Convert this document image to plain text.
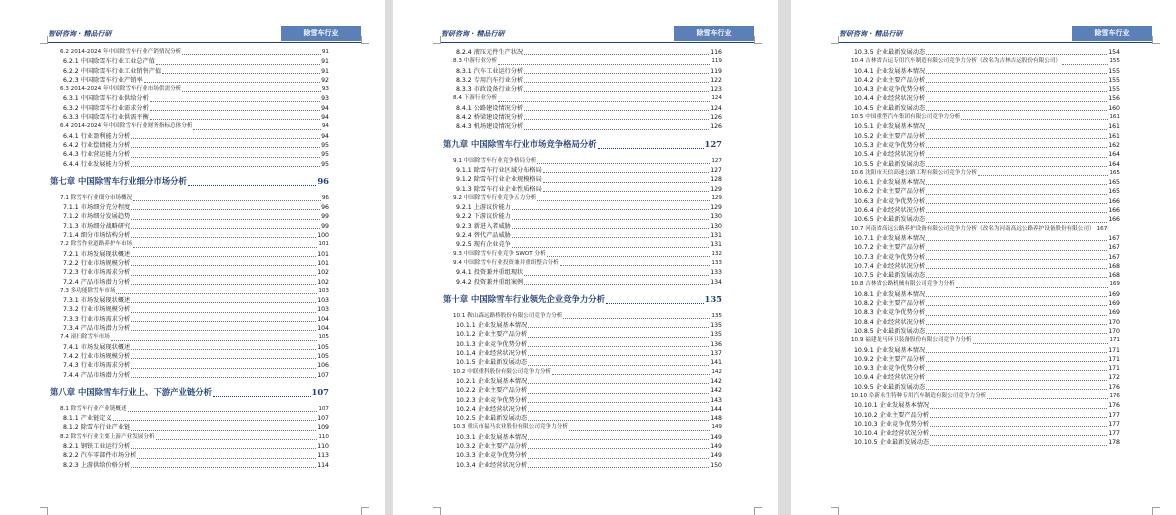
智研咨询 · 精品行研	除雪车行业
6.2 2014-2024 年中国除雪车行业产销情况分析	91
6.2.1 中国除雪车行业工业总产值	91
6.2.2 中国除雪车行业工业销售产值	91
6.2.3 中国除雪车行业产销率	92
6.3 2014-2024 年中国除雪车行业市场供需分析	93
6.3.1 中国除雪车行业供给分析	93
6.3.2 中国除雪车行业需求分析	94
6.3.3 中国除雪车行业供需平衡	94
6.4 2014-2024 年中国除雪车行业财务指标总体分析	94
6.4.1 行业盈利能力分析	94
6.4.2 行业偿债能力分析	95
6.4.3 行业营运能力分析	95
6.4.4 行业发展能力分析	95
第七章 中国除雪车行业细分市场分析	96
7.1 除雪车行业细分市场概况	96
7.1.1 市场细分充分程度	96
7.1.2 市场细分发展趋势	99
7.1.3 市场细分战略研究	99
7.1.4 细分市场结构分析	100
7.2 除雪作业道路养护车市场	101
7.2.1 市场发展现状概述	101
7.2.2 行业市场规模分析	101
7.2.3 行业市场需求分析	102
7.2.4 产品市场潜力分析	102
7.3 多功能除雪车市场	103
7.3.1 市场发展现状概述	103
7.3.2 行业市场规模分析	103
7.3.3 行业市场需求分析	104
7.3.4 产品市场潜力分析	104
7.4 滚扫除雪车市场	105
7.4.1 市场发展现状概述	105
7.4.2 行业市场规模分析	105
7.4.3 行业市场需求分析	106
7.4.4 产品市场潜力分析	107
第八章 中国除雪车行业上、下游产业链分析	107
8.1 除雪车行业产业链概述	107
8.1.1 产业链定义	107
8.1.2 除雪车行业产业链	109
8.2 除雪车行业主要上游产业发展分析	110
8.2.1 钢铁工业运行分析	110
8.2.2 汽车零部件市场分析	113
8.2.3 上游供给价格分析	114
智研咨询 · 精品行研	除雪车行业
8.2.4 液压元件生产状况	116
8.3 中游行业分析	119
8.3.1 汽车工业运行分析	119
8.3.2 专用汽车行业分析	122
8.3.3 市政设备行业分析	123
8.4 下游行业分析	124
8.4.1 公路建设情况分析	124
8.4.2 桥梁建设情况分析	126
8.4.3 机场建设情况分析	126
第九章 中国除雪车行业市场竞争格局分析	127
9.1 中国除雪车行业竞争格局分析	127
9.1.1 除雪车行业区域分布格局	127
9.1.2 除雪车行业企业规模格局	128
9.1.3 除雪车行业企业性质格局	129
9.2 中国除雪车行业竞争五力分析	129
9.2.1 上游议价能力	129
9.2.2 下游议价能力	130
9.2.3 新进入者威胁	130
9.2.4 替代产品威胁	131
9.2.5 现有企业竞争	131
9.3 中国除雪车行业竞争 SWOT 分析	132
9.4 中国除雪车行业投资兼并重组整合分析	133
9.4.1 投资兼并重组现状	133
9.4.2 投资兼并重组案例	134
第十章 中国除雪车行业领先企业竞争力分析	135
10.1 鞍山森远路桥股份有限公司竞争力分析	135
10.1.1 企业发展基本情况	135
10.1.2 企业主要产品分析	135
10.1.3 企业竞争优势分析	136
10.1.4 企业经营状况分析	137
10.1.5 企业最新发展动态	141
10.2 中联重科股份有限公司竞争力分析	142
10.2.1 企业发展基本情况	142
10.2.2 企业主要产品分析	142
10.2.3 企业竞争优势分析	143
10.2.4 企业经营状况分析	144
10.2.5 企业最新发展动态	148
10.3 重庆市福马农业股份有限公司竞争力分析	149
10.3.1 企业发展基本情况	149
10.3.2 企业主要产品分析	149
10.3.3 企业竞争优势分析	149
10.3.4 企业经营状况分析	150
智研咨询 · 精品行研	除雪车行业
10.3.5 企业最新发展动态	154
10.4 吉林省吉运专用汽车制造有限公司竞争力分析（改名为吉林吉运股份有限公司）	155
10.4.1 企业发展基本情况	155
10.4.2 企业主要产品分析	155
10.4.3 企业竞争优势分析	155
10.4.4 企业经营状况分析	156
10.4.5 企业最新发展动态	160
10.5 中国重型汽车集团有限公司竞争力分析	161
10.5.1 企业发展基本情况	161
10.5.2 企业主要产品分析	161
10.5.3 企业竞争优势分析	162
10.5.4 企业经营状况分析	164
10.5.5 企业最新发展动态	164
10.6 沈阳市天信高速公路工程有限公司竞争力分析	165
10.6.1 企业发展基本情况	165
10.6.2 企业主要产品分析	165
10.6.3 企业竞争优势分析	166
10.6.4 企业经营状况分析	166
10.6.5 企业最新发展动态	166
10.7 河南省高远公路养护设备有限公司竞争力分析（改名为河南高远公路养护设备股份有限公司） 167
10.7.1 企业发展基本情况	167
10.7.2 企业主要产品分析	167
10.7.3 企业竞争优势分析	167
10.7.4 企业经营状况分析	168
10.7.5 企业最新发展动态	168
10.8 吉林省公路机械有限公司竞争力分析	169
10.8.1 企业发展基本情况	169
10.8.2 企业主要产品分析	169
10.8.3 企业竞争优势分析	169
10.8.4 企业经营状况分析	170
10.8.5 企业最新发展动态	170
10.9 福建龙马环卫装备股份有限公司竞争力分析	171
10.9.1 企业发展基本情况	171
10.9.2 企业主要产品分析	171
10.9.3 企业竞争优势分析	171
10.9.4 企业经营状况分析	172
10.9.5 企业最新发展动态	176
10.10 阜新永生特种专用汽车制造有限公司竞争力分析	176
10.10.1 企业发展基本情况	176
10.10.2 企业主要产品分析	177
10.10.3 企业竞争优势分析	177
10.10.4 企业经营状况分析	177
10.10.5 企业最新发展动态	178
